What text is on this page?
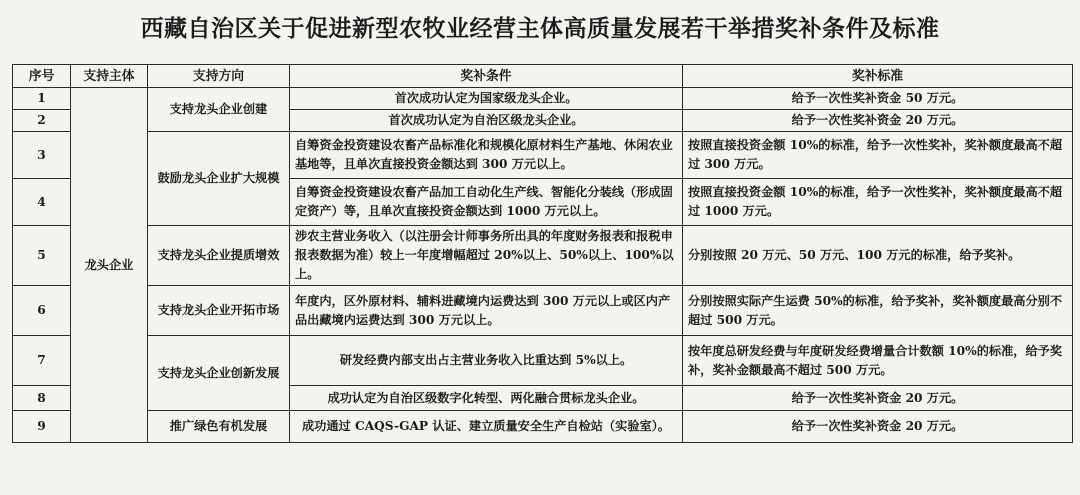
西藏自治区关于促进新型农牧业经营主体高质量发展若干举措奖补条件及标准
序号	支持主体	支持方向	奖补条件	奖补标准
1	龙头企业	支持龙头企业创建	首次成功认定为国家级龙头企业。	给予一次性奖补资金 50 万元。
2			首次成功认定为自治区级龙头企业。	给予一次性奖补资金 20 万元。
3		鼓励龙头企业扩大规模	自筹资金投资建设农畜产品标准化和规模化原材料生产基地、休闲农业基地等，且单次直接投资金额达到 300 万元以上。	按照直接投资金额 10%的标准，给予一次性奖补，奖补额度最高不超过 300 万元。
4			自筹资金投资建设农畜产品加工自动化生产线、智能化分装线（形成固定资产）等，且单次直接投资金额达到 1000 万元以上。	按照直接投资金额 10%的标准，给予一次性奖补，奖补额度最高不超过 1000 万元。
5		支持龙头企业提质增效	涉农主营业务收入（以注册会计师事务所出具的年度财务报表和报税申报表数据为准）较上一年度增幅超过 20%以上、50%以上、100%以上。	分别按照 20 万元、50 万元、100 万元的标准，给予奖补。
6		支持龙头企业开拓市场	年度内，区外原材料、辅料进藏境内运费达到 300 万元以上或区内产品出藏境内运费达到 300 万元以上。	分别按照实际产生运费 50%的标准，给予奖补，奖补额度最高分别不超过 500 万元。
7		支持龙头企业创新发展	研发经费内部支出占主营业务收入比重达到 5%以上。	按年度总研发经费与年度研发经费增量合计数额 10%的标准，给予奖补，奖补金额最高不超过 500 万元。
8			成功认定为自治区级数字化转型、两化融合贯标龙头企业。	给予一次性奖补资金 20 万元。
9		推广绿色有机发展	成功通过 CAQS-GAP 认证、建立质量安全生产自检站（实验室）。	给予一次性奖补资金 20 万元。
